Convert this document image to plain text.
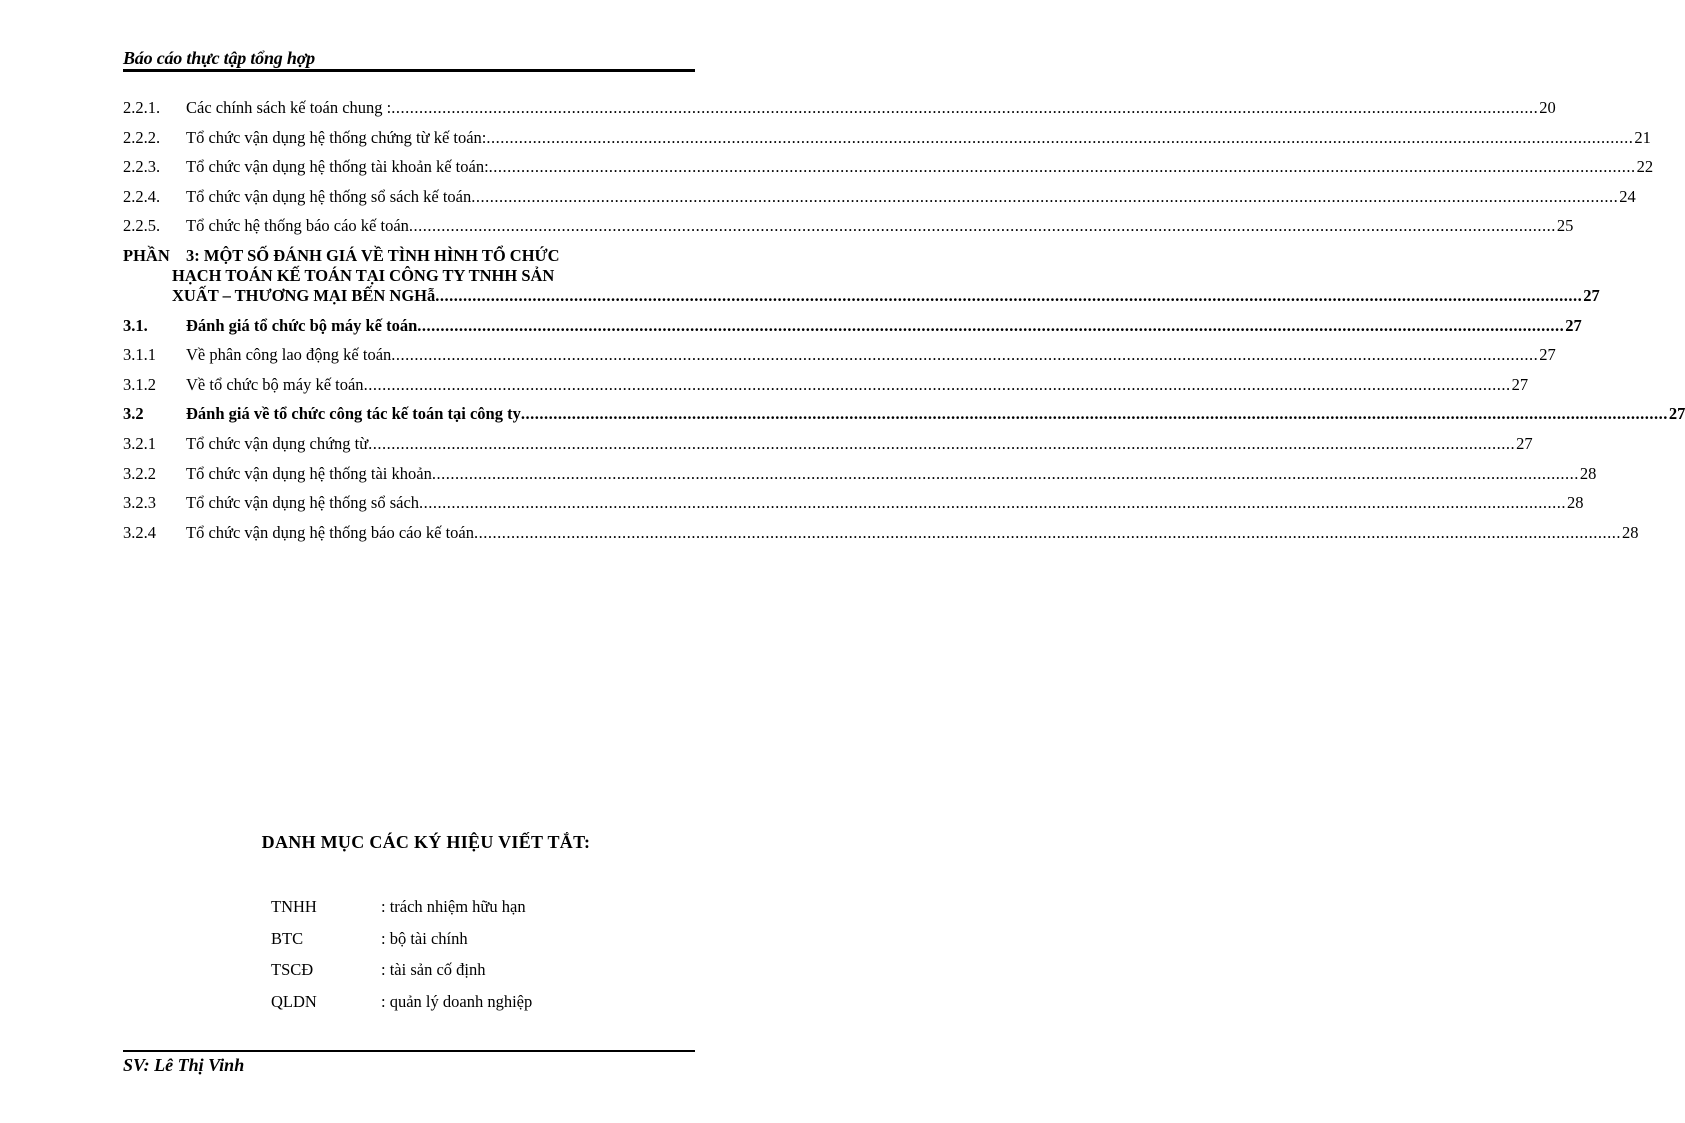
Báo cáo thực tập tổng hợp
2.2.1.	Các chính sách kế toán chung : .....	20
2.2.2.	Tổ chức vận dụng hệ thống chứng từ kế toán: .....	21
2.2.3.	Tổ chức vận dụng hệ thống tài khoản kế toán: .....	22
2.2.4.	Tổ chức vận dụng hệ thống sổ sách kế toán .....	24
2.2.5.	Tổ chức hệ thống báo cáo kế toán .....	25
PHẦN 3: MỘT SỐ ĐÁNH GIÁ VỀ TÌNH HÌNH TỔ CHỨC
HẠCH TOÁN KẾ TOÁN TẠI CÔNG TY TNHH SẢN
XUẤT – THƯƠNG MẠI BẾN NGHẫ .....	27
3.1.	Đánh giá tổ chức bộ máy kế toán .....	27
3.1.1	Về phân công lao động kế toán .....	27
3.1.2	Về tổ chức bộ máy kế toán .....	27
3.2	Đánh giá về tổ chức công tác kế toán tại công ty .....	27
3.2.1	Tổ chức vận dụng chứng từ .....	27
3.2.2	Tổ chức vận dụng hệ thống tài khoản .....	28
3.2.3	Tổ chức vận dụng hệ thống sổ sách .....	28
3.2.4	Tổ chức vận dụng hệ thống báo cáo kế toán .....	28
DANH MỤC CÁC KÝ HIỆU VIẾT TẮT:
TNHH	: trách nhiệm hữu hạn
BTC	: bộ tài chính
TSCĐ	: tài sản cố định
QLDN	: quản lý doanh nghiệp
SV: Lê Thị Vinh
